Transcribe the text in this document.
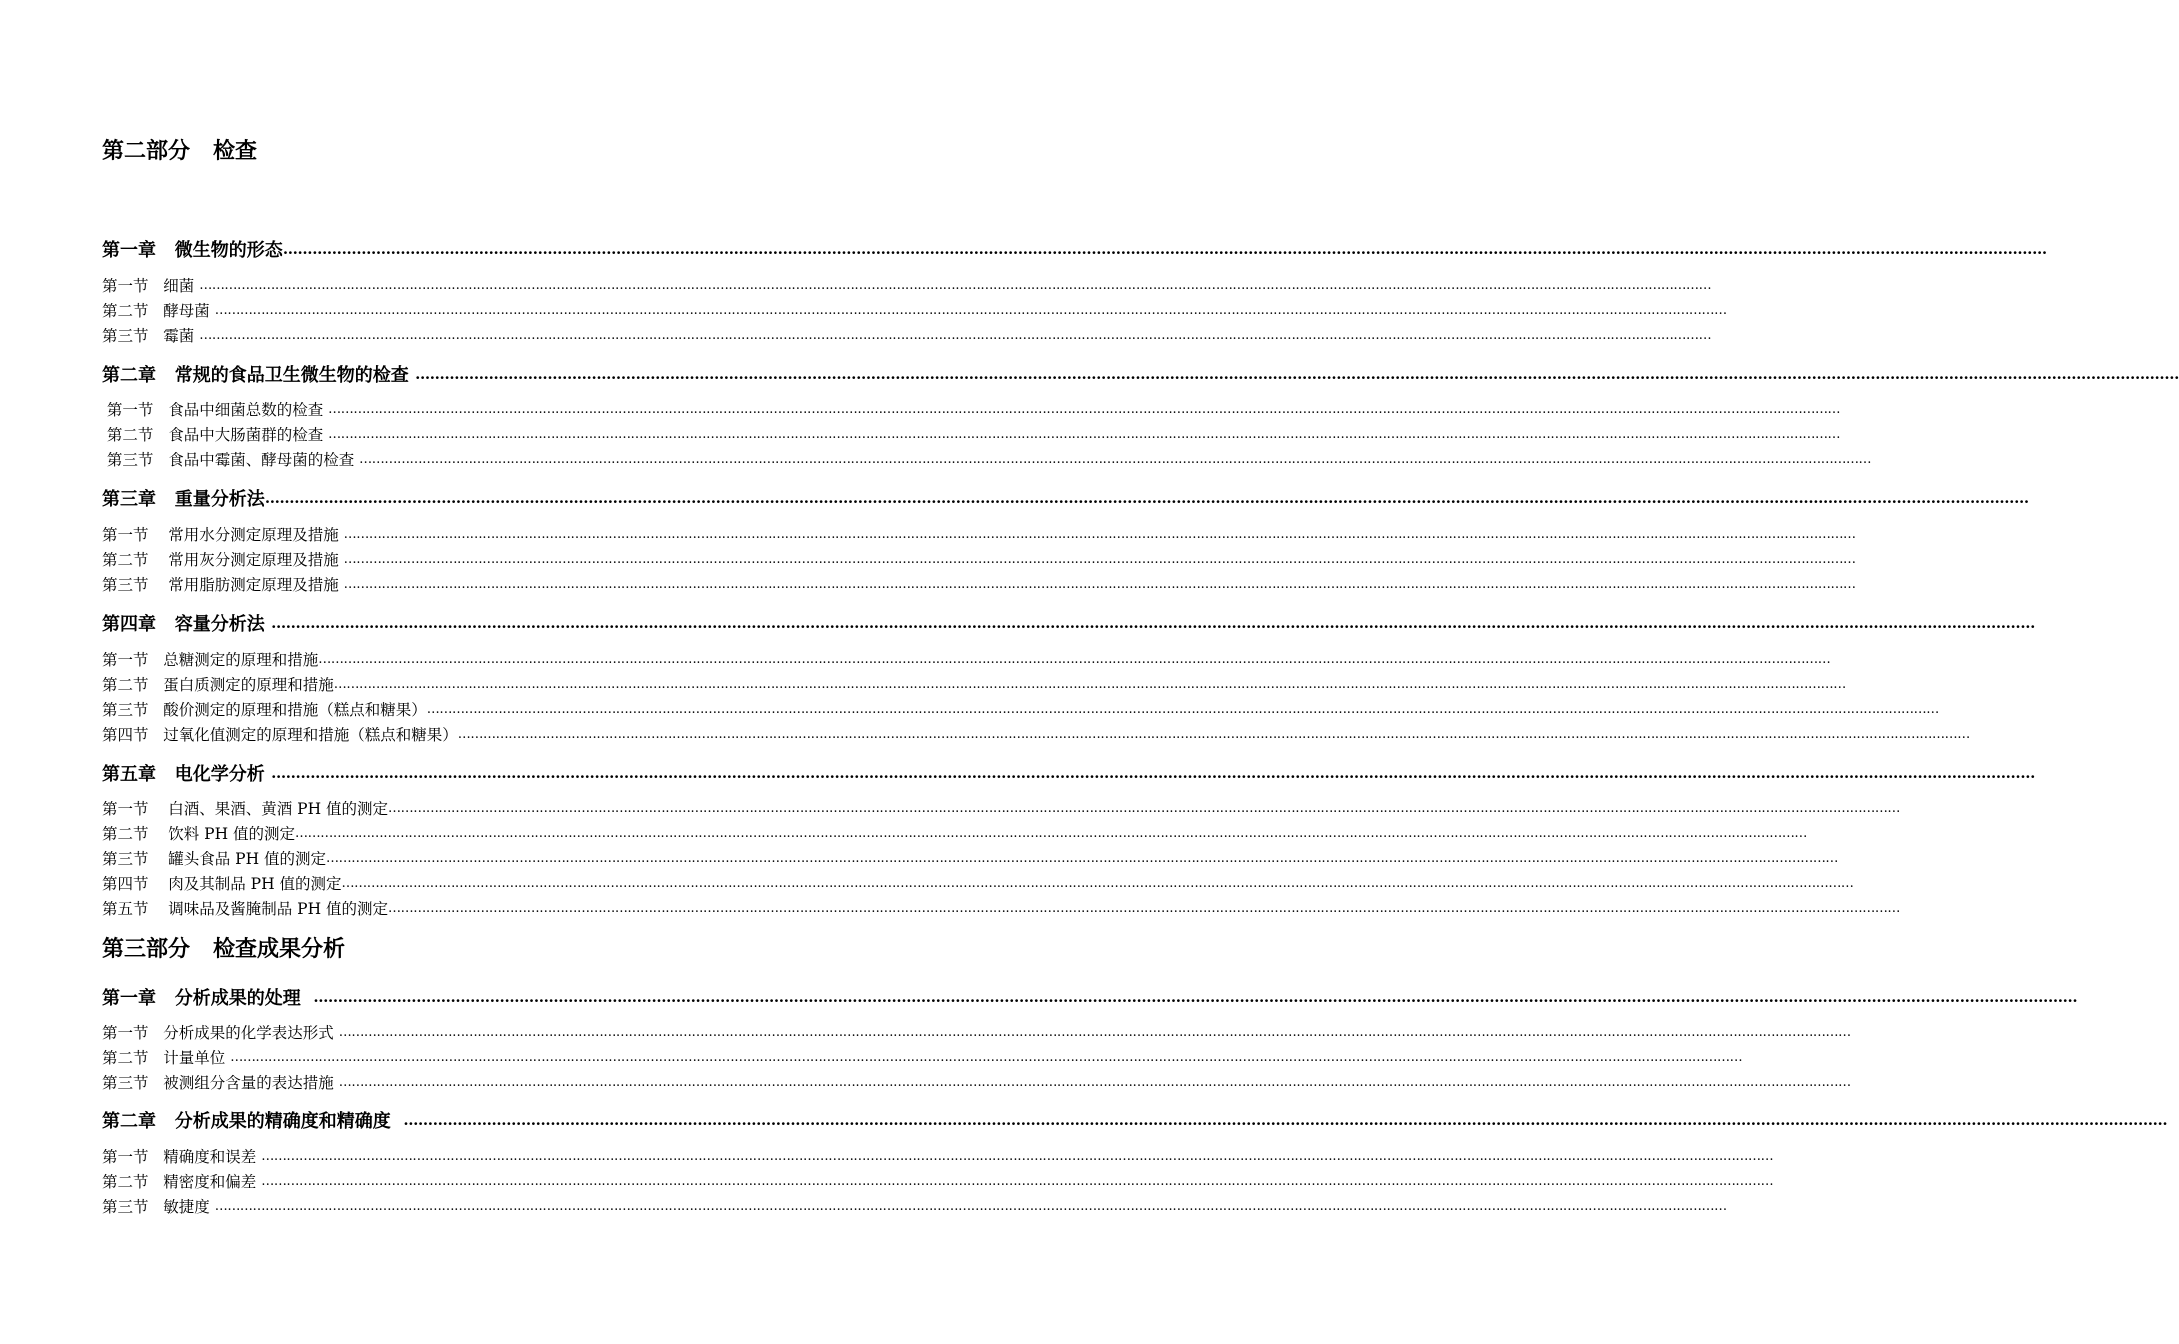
第二部分   检查
第一章   微生物的形态 ………………………………………………………………………………………………………………………………………………………………………………………………………………………………………………………………………………………………………………………………
第一节   细菌 ………………………………………………………………………………………………………………………………………………………………………………………………………………………………………………………………………………………………………………………………
第二节   酵母菌 ………………………………………………………………………………………………………………………………………………………………………………………………………………………………………………………………………………………………………………………………
第三节   霉菌 ………………………………………………………………………………………………………………………………………………………………………………………………………………………………………………………………………………………………………………………………
第二章   常规的食品卫生微生物的检查 ………………………………………………………………………………………………………………………………………………………………………………………………………………………………………………………………………………………………………………………………
第一节   食品中细菌总数的检查 ………………………………………………………………………………………………………………………………………………………………………………………………………………………………………………………………………………………………………………………………
第二节   食品中大肠菌群的检查 ………………………………………………………………………………………………………………………………………………………………………………………………………………………………………………………………………………………………………………………………
第三节   食品中霉菌、酵母菌的检查 ………………………………………………………………………………………………………………………………………………………………………………………………………………………………………………………………………………………………………………………………
第三章   重量分析法 ………………………………………………………………………………………………………………………………………………………………………………………………………………………………………………………………………………………………………………………………
第一节    常用水分测定原理及措施 ………………………………………………………………………………………………………………………………………………………………………………………………………………………………………………………………………………………………………………………………
第二节    常用灰分测定原理及措施 ………………………………………………………………………………………………………………………………………………………………………………………………………………………………………………………………………………………………………………………………
第三节    常用脂肪测定原理及措施 ………………………………………………………………………………………………………………………………………………………………………………………………………………………………………………………………………………………………………………………………
第四章   容量分析法 ………………………………………………………………………………………………………………………………………………………………………………………………………………………………………………………………………………………………………………………………
第一节   总糖测定的原理和措施 ………………………………………………………………………………………………………………………………………………………………………………………………………………………………………………………………………………………………………………………………
第二节   蛋白质测定的原理和措施 ………………………………………………………………………………………………………………………………………………………………………………………………………………………………………………………………………………………………………………………………
第三节   酸价测定的原理和措施（糕点和糖果） ………………………………………………………………………………………………………………………………………………………………………………………………………………………………………………………………………………………………………………………………
第四节   过氧化值测定的原理和措施（糕点和糖果） ………………………………………………………………………………………………………………………………………………………………………………………………………………………………………………………………………………………………………………………………
第五章   电化学分析 ………………………………………………………………………………………………………………………………………………………………………………………………………………………………………………………………………………………………………………………………
第一节    白酒、果酒、黄酒 PH 值的测定 ………………………………………………………………………………………………………………………………………………………………………………………………………………………………………………………………………………………………………………………………
第二节    饮料 PH 值的测定 ………………………………………………………………………………………………………………………………………………………………………………………………………………………………………………………………………………………………………………………………
第三节    罐头食品 PH 值的测定 ………………………………………………………………………………………………………………………………………………………………………………………………………………………………………………………………………………………………………………………………
第四节    肉及其制品 PH 值的测定 ………………………………………………………………………………………………………………………………………………………………………………………………………………………………………………………………………………………………………………………………
第五节    调味品及酱腌制品 PH 值的测定 ………………………………………………………………………………………………………………………………………………………………………………………………………………………………………………………………………………………………………………………………
第三部分   检查成果分析
第一章   分析成果的处理 ………………………………………………………………………………………………………………………………………………………………………………………………………………………………………………………………………………………………………………………………
第一节   分析成果的化学表达形式 ………………………………………………………………………………………………………………………………………………………………………………………………………………………………………………………………………………………………………………………………
第二节   计量单位 ………………………………………………………………………………………………………………………………………………………………………………………………………………………………………………………………………………………………………………………………
第三节   被测组分含量的表达措施 ………………………………………………………………………………………………………………………………………………………………………………………………………………………………………………………………………………………………………………………………
第二章   分析成果的精确度和精确度 ………………………………………………………………………………………………………………………………………………………………………………………………………………………………………………………………………………………………………………………………
第一节   精确度和误差 ………………………………………………………………………………………………………………………………………………………………………………………………………………………………………………………………………………………………………………………………
第二节   精密度和偏差 ………………………………………………………………………………………………………………………………………………………………………………………………………………………………………………………………………………………………………………………………
第三节   敏捷度 ………………………………………………………………………………………………………………………………………………………………………………………………………………………………………………………………………………………………………………………………
